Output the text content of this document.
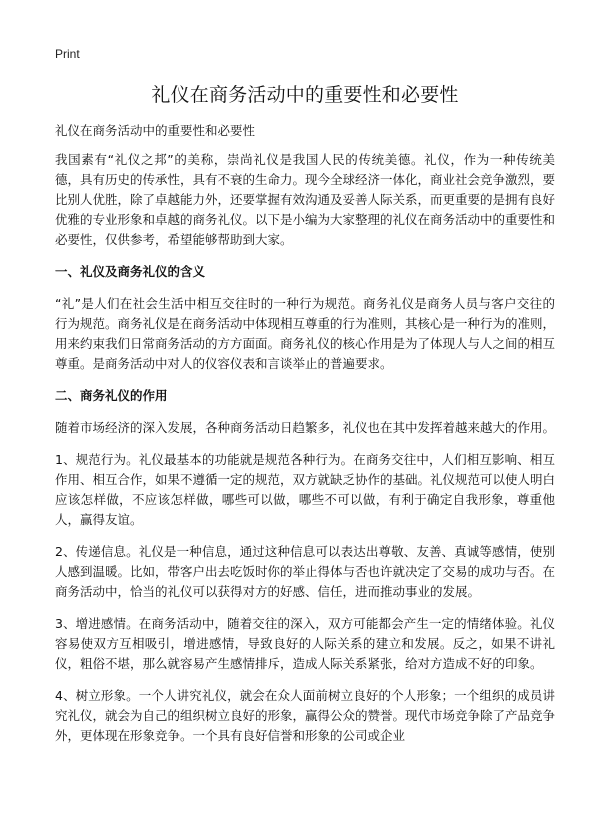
Print
礼仪在商务活动中的重要性和必要性
礼仪在商务活动中的重要性和必要性

我国素有“礼仪之邦”的美称，崇尚礼仪是我国人民的传统美德。礼仪，作为一种传统美德，具有历史的传承性，具有不衰的生命力。现今全球经济一体化，商业社会竞争激烈，要比别人优胜，除了卓越能力外，还要掌握有效沟通及妥善人际关系，而更重要的是拥有良好优雅的专业形象和卓越的商务礼仪。以下是小编为大家整理的礼仪在商务活动中的重要性和必要性，仅供参考，希望能够帮助到大家。

一、礼仪及商务礼仪的含义

“礼”是人们在社会生活中相互交往时的一种行为规范。商务礼仪是商务人员与客户交往的行为规范。商务礼仪是在商务活动中体现相互尊重的行为准则，其核心是一种行为的准则，用来约束我们日常商务活动的方方面面。商务礼仪的核心作用是为了体现人与人之间的相互尊重。是商务活动中对人的仪容仪表和言谈举止的普遍要求。

二、商务礼仪的作用

随着市场经济的深入发展，各种商务活动日趋繁多，礼仪也在其中发挥着越来越大的作用。

1、规范行为。礼仪最基本的功能就是规范各种行为。在商务交往中，人们相互影响、相互作用、相互合作，如果不遵循一定的规范，双方就缺乏协作的基础。礼仪规范可以使人明白应该怎样做，不应该怎样做，哪些可以做，哪些不可以做，有利于确定自我形象，尊重他人，赢得友谊。

2、传递信息。礼仪是一种信息，通过这种信息可以表达出尊敬、友善、真诚等感情，使别人感到温暖。比如，带客户出去吃饭时你的举止得体与否也许就决定了交易的成功与否。在商务活动中，恰当的礼仪可以获得对方的好感、信任，进而推动事业的发展。

3、增进感情。在商务活动中，随着交往的深入，双方可能都会产生一定的情绪体验。礼仪容易使双方互相吸引，增进感情，导致良好的人际关系的建立和发展。反之，如果不讲礼仪，粗俗不堪，那么就容易产生感情排斥，造成人际关系紧张，给对方造成不好的印象。

4、树立形象。一个人讲究礼仪，就会在众人面前树立良好的个人形象；一个组织的成员讲究礼仪，就会为自己的组织树立良好的形象，赢得公众的赞誉。现代市场竞争除了产品竞争外，更体现在形象竞争。一个具有良好信誉和形象的公司或企业
